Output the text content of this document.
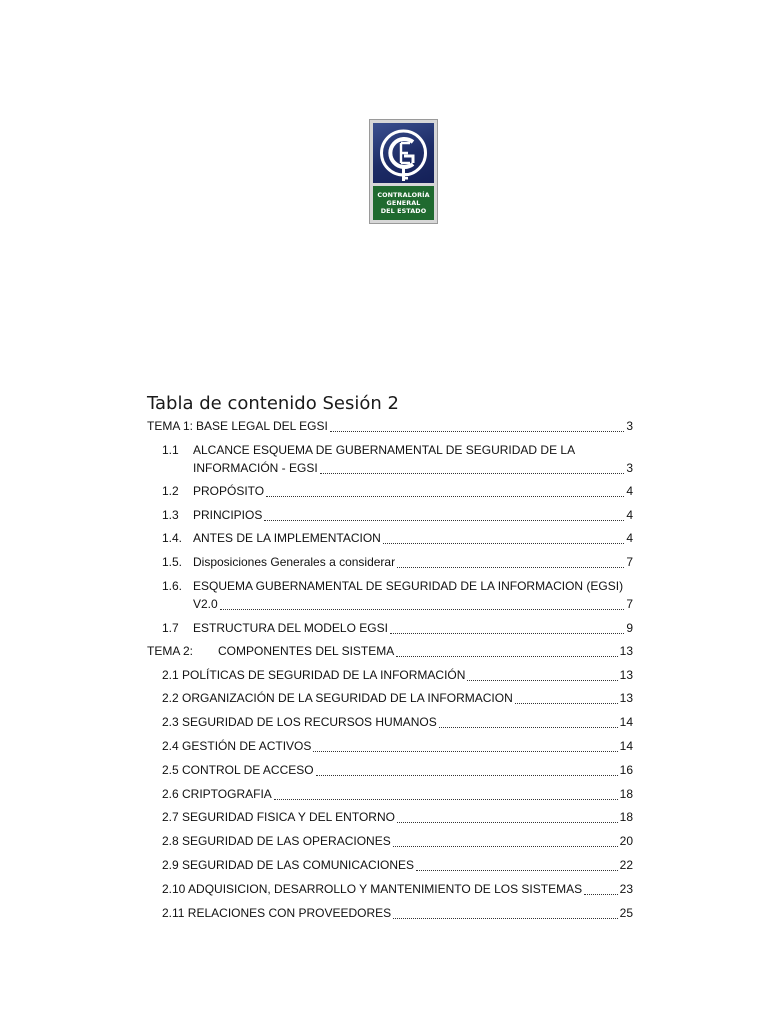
CONTRALORÍA
GENERAL
DEL ESTADO
Tabla de contenido Sesión 2
TEMA 1: BASE LEGAL DEL EGSI	3
1.1 ALCANCE ESQUEMA DE GUBERNAMENTAL DE SEGURIDAD DE LA
INFORMACIÓN - EGSI	3
1.2	PROPÓSITO	4
1.3	PRINCIPIOS	4
1.4. ANTES DE LA IMPLEMENTACION	4
1.5. Disposiciones Generales a considerar	7
1.6. ESQUEMA GUBERNAMENTAL DE SEGURIDAD DE LA INFORMACION (EGSI)
V2.0	7
1.7	ESTRUCTURA DEL MODELO EGSI	9
TEMA 2:	COMPONENTES DEL SISTEMA	13
2.1 POLÍTICAS DE SEGURIDAD DE LA INFORMACIÓN	13
2.2 ORGANIZACIÓN DE LA SEGURIDAD DE LA INFORMACION	13
2.3 SEGURIDAD DE LOS RECURSOS HUMANOS	14
2.4 GESTIÓN DE ACTIVOS	14
2.5 CONTROL DE ACCESO	16
2.6 CRIPTOGRAFIA	18
2.7 SEGURIDAD FISICA Y DEL ENTORNO	18
2.8 SEGURIDAD DE LAS OPERACIONES	20
2.9 SEGURIDAD DE LAS COMUNICACIONES	22
2.10 ADQUISICION, DESARROLLO Y MANTENIMIENTO DE LOS SISTEMAS	23
2.11 RELACIONES CON PROVEEDORES	25
